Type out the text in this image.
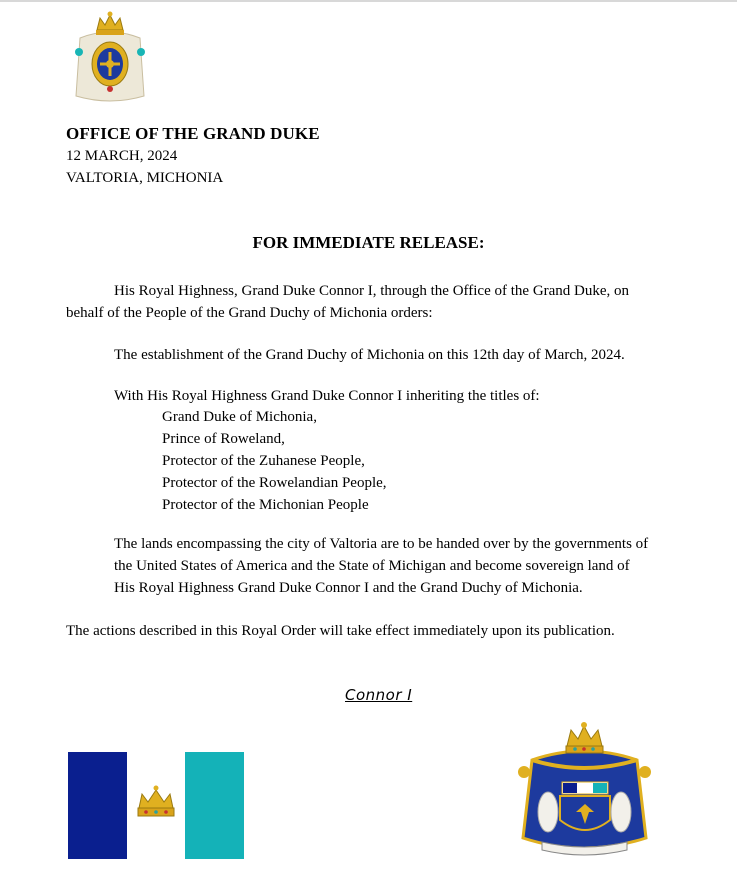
OFFICE OF THE GRAND DUKE
12 MARCH, 2024
VALTORIA, MICHONIA
FOR IMMEDIATE RELEASE:
His Royal Highness, Grand Duke Connor I, through the Office of the Grand Duke, on
behalf of the People of the Grand Duchy of Michonia orders:
The establishment of the Grand Duchy of Michonia on this 12th day of March, 2024.
With His Royal Highness Grand Duke Connor I inheriting the titles of:
Grand Duke of Michonia,
Prince of Roweland,
Protector of the Zuhanese People,
Protector of the Rowelandian People,
Protector of the Michonian People
The lands encompassing the city of Valtoria are to be handed over by the governments of
the United States of America and the State of Michigan and become sovereign land of
His Royal Highness Grand Duke Connor I and the Grand Duchy of Michonia.
The actions described in this Royal Order will take effect immediately upon its publication.
Connor I
